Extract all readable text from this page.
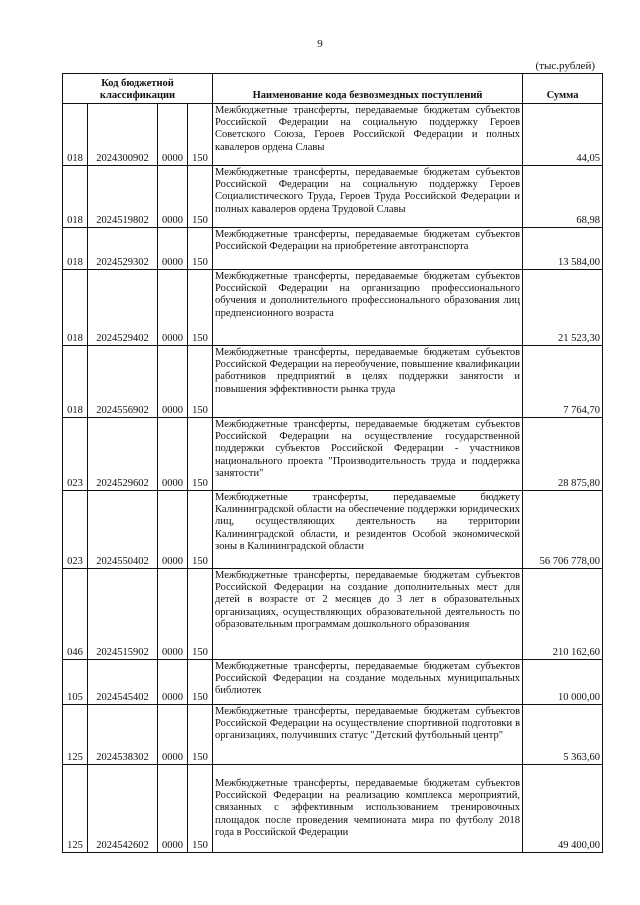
9
(тыс.рублей)
Код бюджетной классификации				Наименование кода безвозмездных поступлений	Сумма
018	2024300902	0000	150	Межбюджетные трансферты, передаваемые бюджетам субъектов Российской Федерации на социальную поддержку Героев Советского Союза, Героев Российской Федерации и полных кавалеров ордена Славы	44,05
018	2024519802	0000	150	Межбюджетные трансферты, передаваемые бюджетам субъектов Российской Федерации на социальную поддержку Героев Социалистического Труда, Героев Труда Российской Федерации и полных кавалеров ордена Трудовой Славы	68,98
018	2024529302	0000	150	Межбюджетные трансферты, передаваемые бюджетам субъектов Российской Федерации на приобретение автотранспорта	13 584,00
018	2024529402	0000	150	Межбюджетные трансферты, передаваемые бюджетам субъектов Российской Федерации на организацию профессионального обучения и дополнительного профессионального образования лиц предпенсионного возраста	21 523,30
018	2024556902	0000	150	Межбюджетные трансферты, передаваемые бюджетам субъектов Российской Федерации на переобучение, повышение квалификации работников предприятий в целях поддержки занятости и повышения эффективности рынка труда	7 764,70
023	2024529602	0000	150	Межбюджетные трансферты, передаваемые бюджетам субъектов Российской Федерации на осуществление государственной поддержки субъектов Российской Федерации - участников национального проекта "Производительность труда и поддержка занятости"	28 875,80
023	2024550402	0000	150	Межбюджетные трансферты, передаваемые бюджету Калининградской области на обеспечение поддержки юридических лиц, осуществляющих деятельность на территории Калининградской области, и резидентов Особой экономической зоны в Калининградской области	56 706 778,00
046	2024515902	0000	150	Межбюджетные трансферты, передаваемые бюджетам субъектов Российской Федерации на создание дополнительных мест для детей в возрасте от 2 месяцев до 3 лет в образовательных организациях, осуществляющих образовательной деятельность по образовательным программам дошкольного образования	210 162,60
105	2024545402	0000	150	Межбюджетные трансферты, передаваемые бюджетам субъектов Российской Федерации на создание модельных муниципальных библиотек	10 000,00
125	2024538302	0000	150	Межбюджетные трансферты, передаваемые бюджетам субъектов Российской Федерации на осуществление спортивной подготовки в организациях, получивших статус "Детский футбольный центр"	5 363,60
125	2024542602	0000	150	Межбюджетные трансферты, передаваемые бюджетам субъектов Российской Федерации на реализацию комплекса мероприятий, связанных с эффективным использованием тренировочных площадок после проведения чемпионата мира по футболу 2018 года в Российской Федерации	49 400,00
